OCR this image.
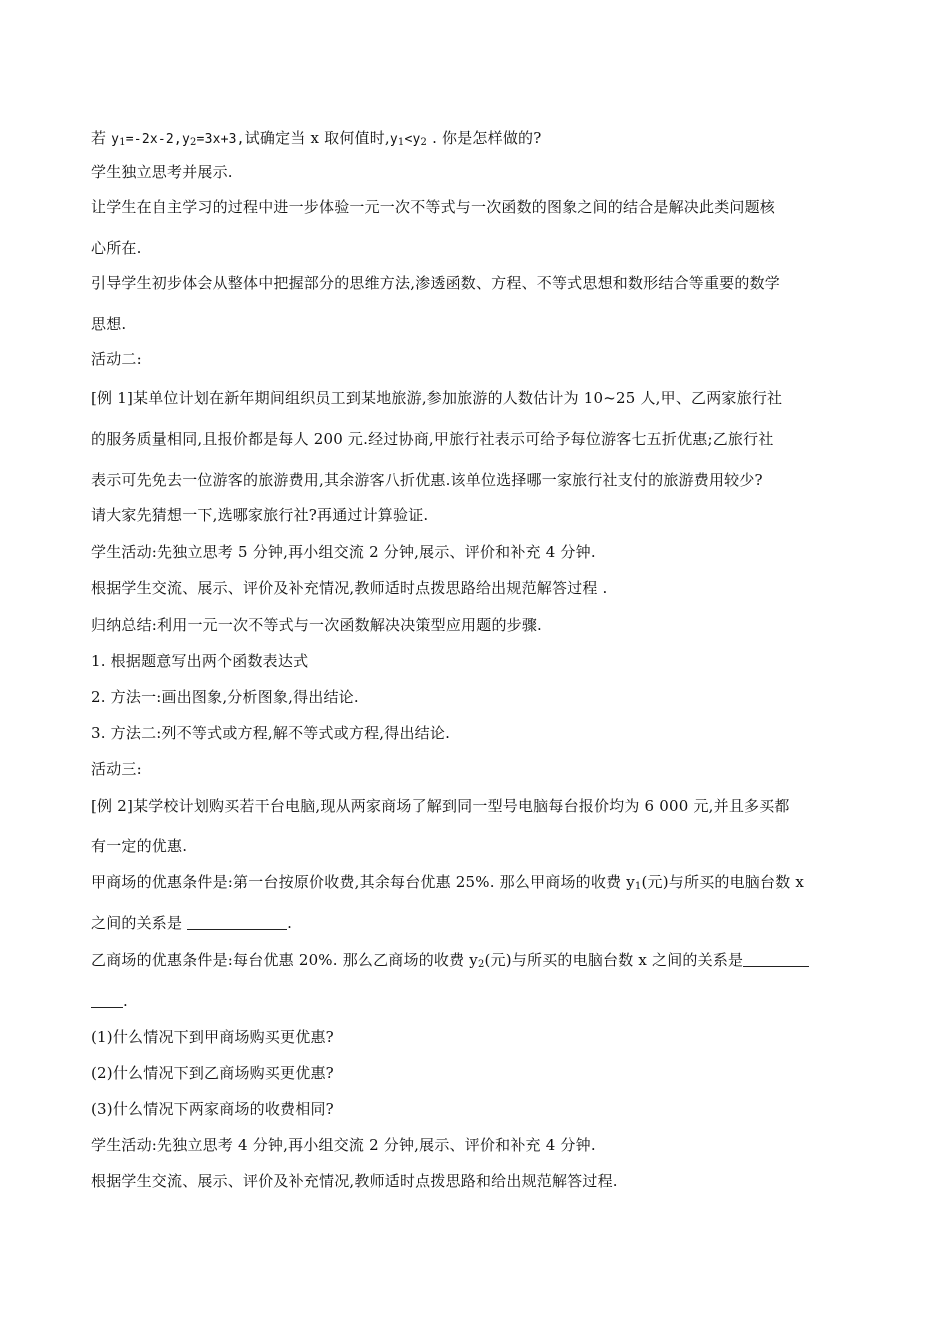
若 $y_1=-2x-2,y_2=3x+3$,试确定当 x 取何值时$,y_1<y_2$ . 你是怎样做的?
学生独立思考并展示.
让学生在自主学习的过程中进一步体验一元一次不等式与一次函数的图象之间的结合是解决此类问题核
心所在.
引导学生初步体会从整体中把握部分的思维方法,渗透函数、方程、不等式思想和数形结合等重要的数学
思想.
活动二:
[例 1]某单位计划在新年期间组织员工到某地旅游,参加旅游的人数估计为 10~25 人,甲、乙两家旅行社
的服务质量相同,且报价都是每人 200 元.经过协商,甲旅行社表示可给予每位游客七五折优惠;乙旅行社
表示可先免去一位游客的旅游费用,其余游客八折优惠.该单位选择哪一家旅行社支付的旅游费用较少?
请大家先猜想一下,选哪家旅行社?再通过计算验证.
学生活动:先独立思考 5 分钟,再小组交流 2 分钟,展示、评价和补充 4 分钟.
根据学生交流、展示、评价及补充情况,教师适时点拨思路给出规范解答过程 .
归纳总结:利用一元一次不等式与一次函数解决决策型应用题的步骤.
1. 根据题意写出两个函数表达式
2. 方法一:画出图象,分析图象,得出结论.
3. 方法二:列不等式或方程,解不等式或方程,得出结论.
活动三:
[例 2]某学校计划购买若干台电脑,现从两家商场了解到同一型号电脑每台报价均为 6 000 元,并且多买都
有一定的优惠.
甲商场的优惠条件是:第一台按原价收费,其余每台优惠 25%. 那么甲商场的收费 $y_1$(元)与所买的电脑台数 x
之间的关系是	.
乙商场的优惠条件是:每台优惠 20%. 那么乙商场的收费 $y_2$(元)与所买的电脑台数 x 之间的关系是
.
(1)什么情况下到甲商场购买更优惠?
(2)什么情况下到乙商场购买更优惠?
(3)什么情况下两家商场的收费相同?
学生活动:先独立思考 4 分钟,再小组交流 2 分钟,展示、评价和补充 4 分钟.
根据学生交流、展示、评价及补充情况,教师适时点拨思路和给出规范解答过程.
